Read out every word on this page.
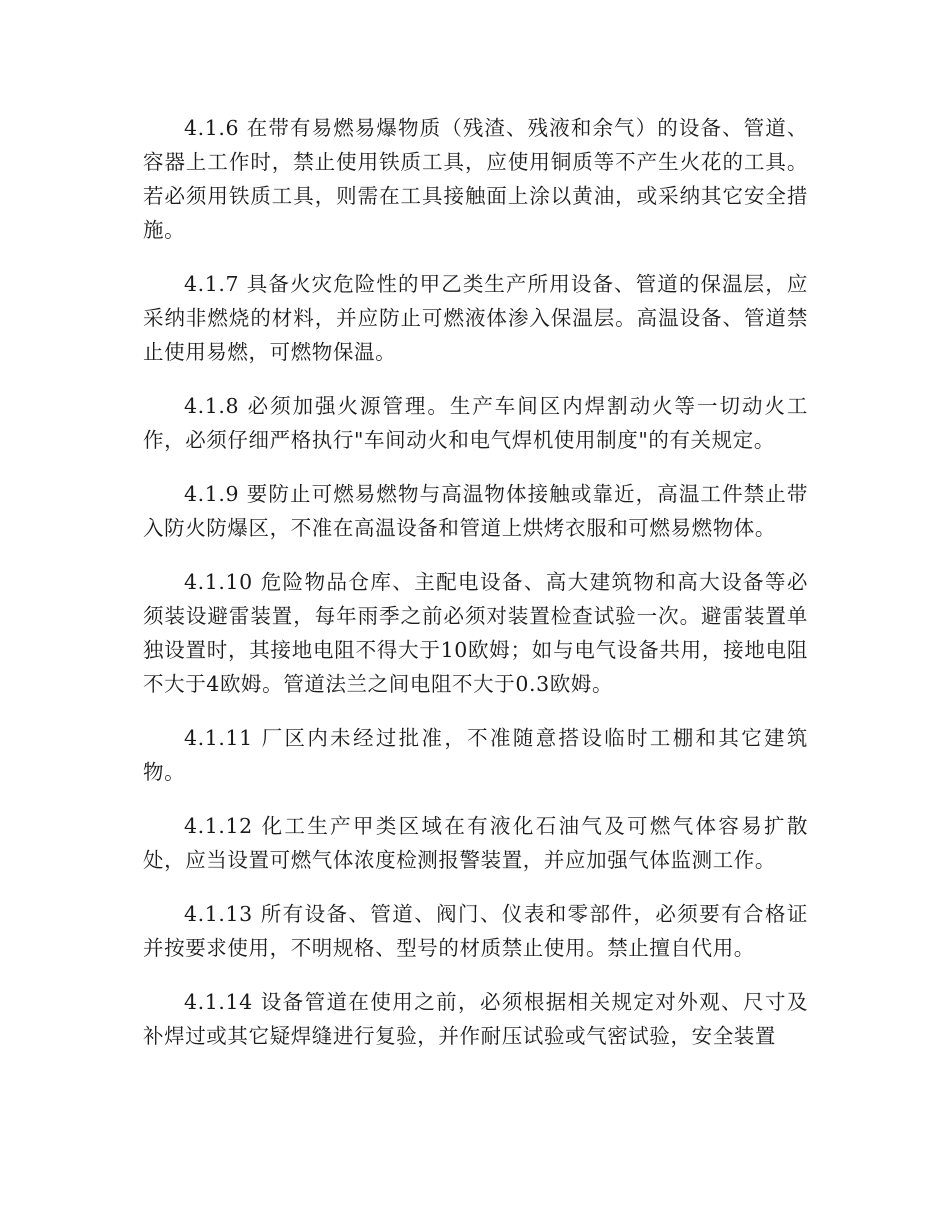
4.1.6 在带有易燃易爆物质（残渣、残液和余气）的设备、管道、容器上工作时，禁止使用铁质工具，应使用铜质等不产生火花的工具。若必须用铁质工具，则需在工具接触面上涂以黄油，或采纳其它安全措施。

4.1.7 具备火灾危险性的甲乙类生产所用设备、管道的保温层，应采纳非燃烧的材料，并应防止可燃液体渗入保温层。高温设备、管道禁止使用易燃，可燃物保温。

4.1.8 必须加强火源管理。生产车间区内焊割动火等一切动火工作，必须仔细严格执行"车间动火和电气焊机使用制度"的有关规定。

4.1.9 要防止可燃易燃物与高温物体接触或靠近，高温工件禁止带入防火防爆区，不准在高温设备和管道上烘烤衣服和可燃易燃物体。

4.1.10 危险物品仓库、主配电设备、高大建筑物和高大设备等必须装设避雷装置，每年雨季之前必须对装置检查试验一次。避雷装置单独设置时，其接地电阻不得大于10欧姆；如与电气设备共用，接地电阻不大于4欧姆。管道法兰之间电阻不大于0.3欧姆。

4.1.11 厂区内未经过批准，不准随意搭设临时工棚和其它建筑物。

4.1.12 化工生产甲类区域在有液化石油气及可燃气体容易扩散处，应当设置可燃气体浓度检测报警装置，并应加强气体监测工作。

4.1.13 所有设备、管道、阀门、仪表和零部件，必须要有合格证并按要求使用，不明规格、型号的材质禁止使用。禁止擅自代用。

4.1.14 设备管道在使用之前，必须根据相关规定对外观、尺寸及补焊过或其它疑焊缝进行复验，并作耐压试验或气密试验，安全装置
